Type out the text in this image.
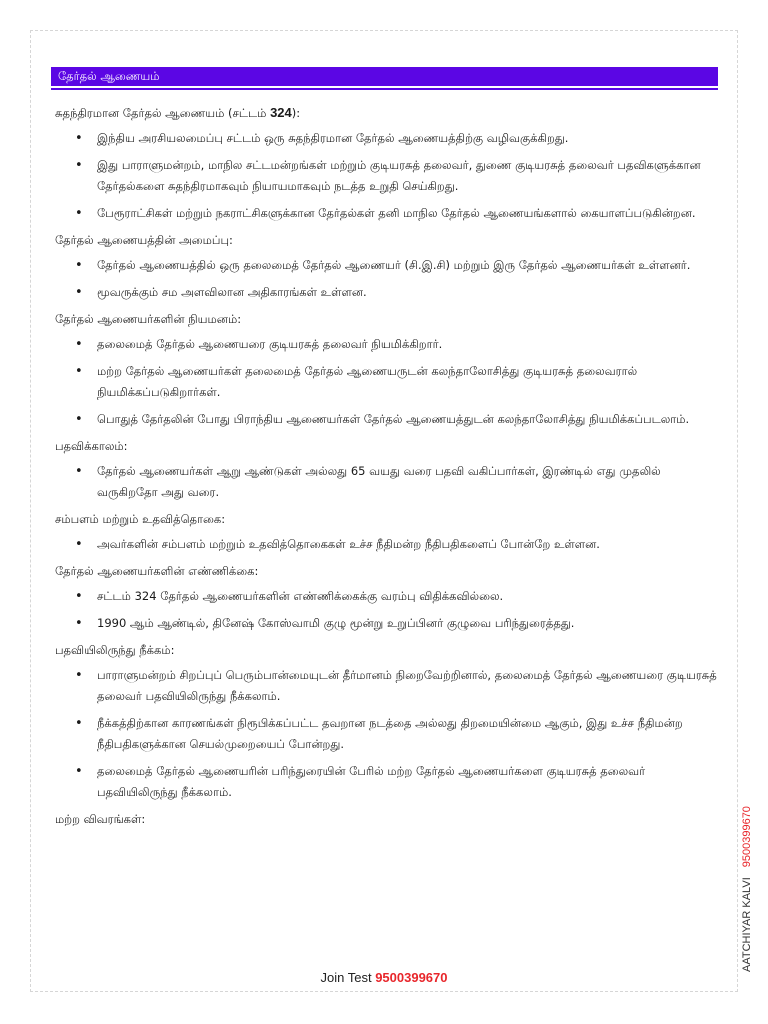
தேர்தல் ஆணையம்
சுதந்திரமான தேர்தல் ஆணையம் (சட்டம் 324):
• இந்திய அரசியலமைப்பு சட்டம் ஒரு சுதந்திரமான தேர்தல் ஆணையத்திற்கு வழிவகுக்கிறது.
• இது பாராளுமன்றம், மாநில சட்டமன்றங்கள் மற்றும் குடியரசுத் தலைவர், துணை குடியரசுத் தலைவர் பதவிகளுக்கான தேர்தல்களை சுதந்திரமாகவும் நியாயமாகவும் நடத்த உறுதி செய்கிறது.
• பேரூராட்சிகள் மற்றும் நகராட்சிகளுக்கான தேர்தல்கள் தனி மாநில தேர்தல் ஆணையங்களால் கையாளப்படுகின்றன.
தேர்தல் ஆணையத்தின் அமைப்பு:
• தேர்தல் ஆணையத்தில் ஒரு தலைமைத் தேர்தல் ஆணையர் (சி.இ.சி) மற்றும் இரு தேர்தல் ஆணையர்கள் உள்ளனர்.
• மூவருக்கும் சம அளவிலான அதிகாரங்கள் உள்ளன.
தேர்தல் ஆணையர்களின் நியமனம்:
• தலைமைத் தேர்தல் ஆணையரை குடியரசுத் தலைவர் நியமிக்கிறார்.
• மற்ற தேர்தல் ஆணையர்கள் தலைமைத் தேர்தல் ஆணையருடன் கலந்தாலோசித்து குடியரசுத் தலைவரால் நியமிக்கப்படுகிறார்கள்.
• பொதுத் தேர்தலின் போது பிராந்திய ஆணையர்கள் தேர்தல் ஆணையத்துடன் கலந்தாலோசித்து நியமிக்கப்படலாம்.
பதவிக்காலம்:
• தேர்தல் ஆணையர்கள் ஆறு ஆண்டுகள் அல்லது 65 வயது வரை பதவி வகிப்பார்கள், இரண்டில் எது முதலில் வருகிறதோ அது வரை.
சம்பளம் மற்றும் உதவித்தொகை:
• அவர்களின் சம்பளம் மற்றும் உதவித்தொகைகள் உச்ச நீதிமன்ற நீதிபதிகளைப் போன்றே உள்ளன.
தேர்தல் ஆணையர்களின் எண்ணிக்கை:
• சட்டம் 324 தேர்தல் ஆணையர்களின் எண்ணிக்கைக்கு வரம்பு விதிக்கவில்லை.
• 1990 ஆம் ஆண்டில், தினேஷ் கோஸ்வாமி குழு மூன்று உறுப்பினர் குழுவை பரிந்துரைத்தது.
பதவியிலிருந்து நீக்கம்:
• பாராளுமன்றம் சிறப்புப் பெரும்பான்மையுடன் தீர்மானம் நிறைவேற்றினால், தலைமைத் தேர்தல் ஆணையரை குடியரசுத் தலைவர் பதவியிலிருந்து நீக்கலாம்.
• நீக்கத்திற்கான காரணங்கள் நிரூபிக்கப்பட்ட தவறான நடத்தை அல்லது திறமையின்மை ஆகும், இது உச்ச நீதிமன்ற நீதிபதிகளுக்கான செயல்முறையைப் போன்றது.
• தலைமைத் தேர்தல் ஆணையரின் பரிந்துரையின் பேரில் மற்ற தேர்தல் ஆணையர்களை குடியரசுத் தலைவர் பதவியிலிருந்து நீக்கலாம்.
மற்ற விவரங்கள்:
AATCHIYAR KALVI9500399670
Join Test 9500399670
